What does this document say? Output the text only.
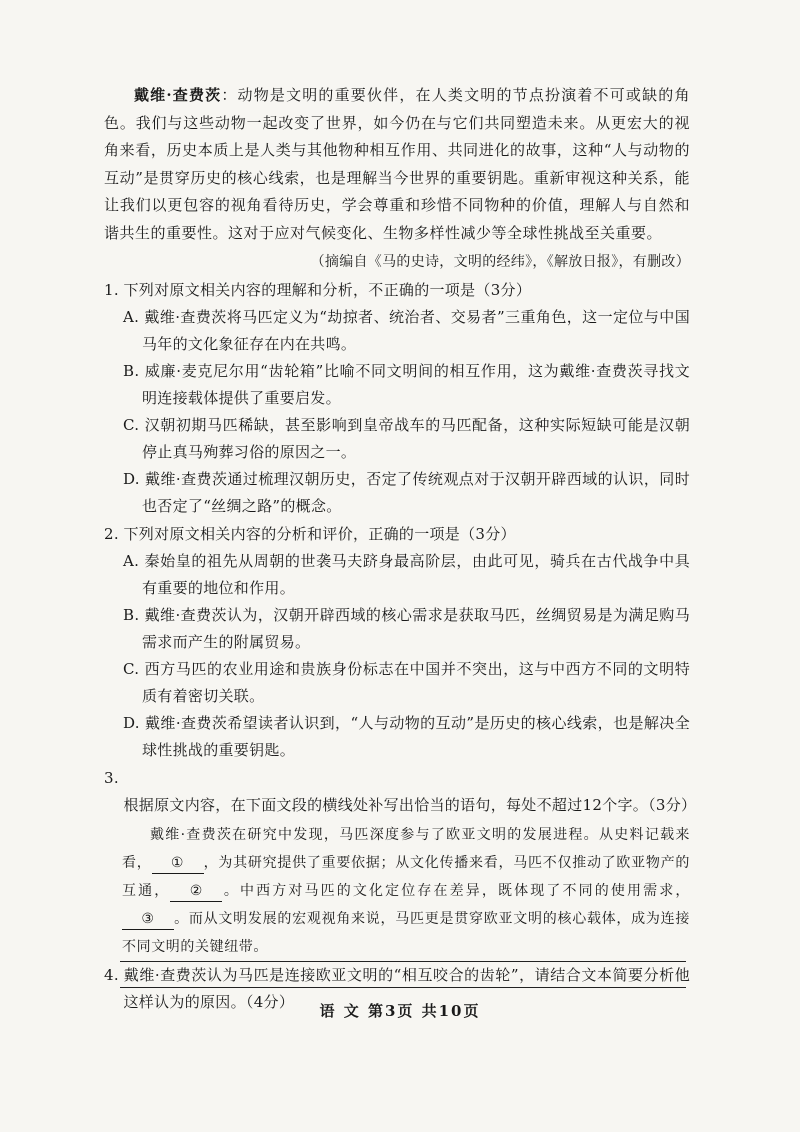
戴维·查费茨：动物是文明的重要伙伴，在人类文明的节点扮演着不可或缺的角色。我们与这些动物一起改变了世界，如今仍在与它们共同塑造未来。从更宏大的视角来看，历史本质上是人类与其他物种相互作用、共同进化的故事，这种“人与动物的互动”是贯穿历史的核心线索，也是理解当今世界的重要钥匙。重新审视这种关系，能让我们以更包容的视角看待历史，学会尊重和珍惜不同物种的价值，理解人与自然和谐共生的重要性。这对于应对气候变化、生物多样性减少等全球性挑战至关重要。

（摘编自《马的史诗，文明的经纬》，《解放日报》，有删改）

1. 下列对原文相关内容的理解和分析，不正确的一项是（3分）

A. 戴维·查费茨将马匹定义为“劫掠者、统治者、交易者”三重角色，这一定位与中国马年的文化象征存在内在共鸣。

B. 威廉·麦克尼尔用“齿轮箱”比喻不同文明间的相互作用，这为戴维·查费茨寻找文明连接载体提供了重要启发。

C. 汉朝初期马匹稀缺，甚至影响到皇帝战车的马匹配备，这种实际短缺可能是汉朝停止真马殉葬习俗的原因之一。

D. 戴维·查费茨通过梳理汉朝历史，否定了传统观点对于汉朝开辟西域的认识，同时也否定了“丝绸之路”的概念。

2. 下列对原文相关内容的分析和评价，正确的一项是（3分）

A. 秦始皇的祖先从周朝的世袭马夫跻身最高阶层，由此可见，骑兵在古代战争中具有重要的地位和作用。

B. 戴维·查费茨认为，汉朝开辟西域的核心需求是获取马匹，丝绸贸易是为满足购马需求而产生的附属贸易。

C. 西方马匹的农业用途和贵族身份标志在中国并不突出，这与中西方不同的文明特质有着密切关联。

D. 戴维·查费茨希望读者认识到，“人与动物的互动”是历史的核心线索，也是解决全球性挑战的重要钥匙。

3.根据原文内容，在下面文段的横线处补写出恰当的语句，每处不超过12个字。（3分）

戴维·查费茨在研究中发现，马匹深度参与了欧亚文明的发展进程。从史料记载来看， ① ，为其研究提供了重要依据；从文化传播来看，马匹不仅推动了欧亚物产的互通， ② 。中西方对马匹的文化定位存在差异，既体现了不同的使用需求，③ 。而从文明发展的宏观视角来说，马匹更是贯穿欧亚文明的核心载体，成为连接不同文明的关键纽带。

4. 戴维·查费茨认为马匹是连接欧亚文明的“相互咬合的齿轮”，请结合文本简要分析他这样认为的原因。（4分）	语 文 第3页 共10页
